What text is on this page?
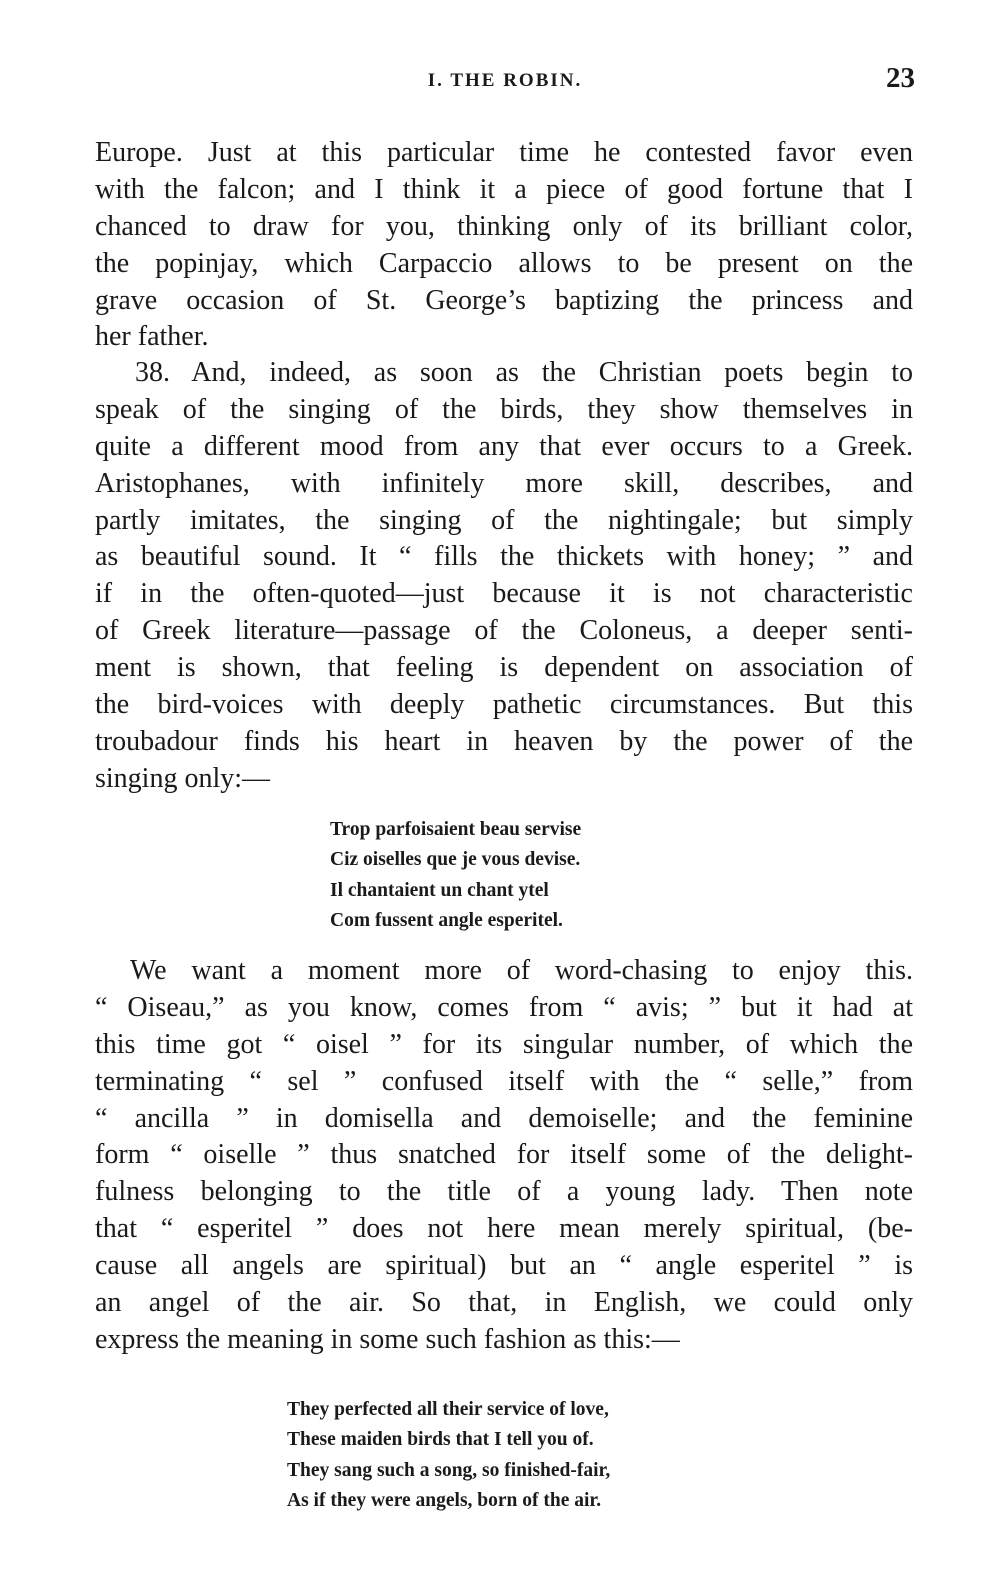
I. THE ROBIN.	23
Europe. Just at this particular time he contested favor even
with the falcon; and I think it a piece of good fortune that I
chanced to draw for you, thinking only of its brilliant color,
the popinjay, which Carpaccio allows to be present on the
grave occasion of St. George’s baptizing the princess and
her father.
38. And, indeed, as soon as the Christian poets begin to
speak of the singing of the birds, they show themselves in
quite a different mood from any that ever occurs to a Greek.
Aristophanes, with infinitely more skill, describes, and
partly imitates, the singing of the nightingale; but simply
as beautiful sound. It “ fills the thickets with honey; ” and
if in the often-quoted—just because it is not characteristic
of Greek literature—passage of the Coloneus, a deeper senti-
ment is shown, that feeling is dependent on association of
the bird-voices with deeply pathetic circumstances. But this
troubadour finds his heart in heaven by the power of the
singing only:—
Trop parfoisaient beau servise
Ciz oiselles que je vous devise.
Il chantaient un chant ytel
Com fussent angle esperitel.
We want a moment more of word-chasing to enjoy this.
“ Oiseau,” as you know, comes from “ avis; ” but it had at
this time got “ oisel ” for its singular number, of which the
terminating “ sel ” confused itself with the “ selle,” from
“ ancilla ” in domisella and demoiselle; and the feminine
form “ oiselle ” thus snatched for itself some of the delight-
fulness belonging to the title of a young lady. Then note
that “ esperitel ” does not here mean merely spiritual, (be-
cause all angels are spiritual) but an “ angle esperitel ” is
an angel of the air. So that, in English, we could only
express the meaning in some such fashion as this:—
They perfected all their service of love,
These maiden birds that I tell you of.
They sang such a song, so finished-fair,
As if they were angels, born of the air.
